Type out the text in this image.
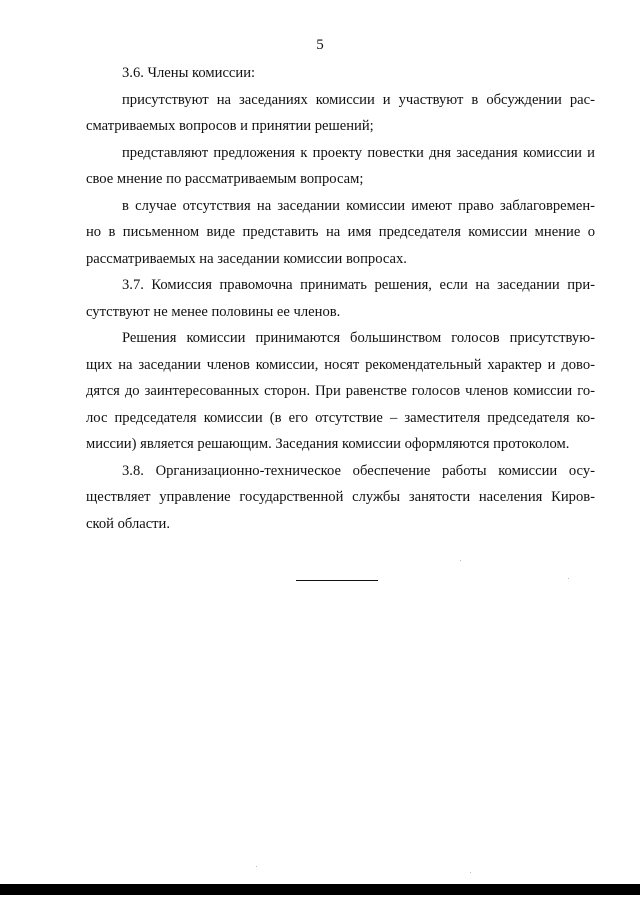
5
3.6. Члены комиссии:
присутствуют на заседаниях комиссии и участвуют в обсуждении рас-
сматриваемых вопросов и принятии решений;
представляют предложения к проекту повестки дня заседания комиссии и
свое мнение по рассматриваемым вопросам;
в случае отсутствия на заседании комиссии имеют право заблаговремен-
но в письменном виде представить на имя председателя комиссии мнение о
рассматриваемых на заседании комиссии вопросах.
3.7. Комиссия правомочна принимать решения, если на заседании при-
сутствуют не менее половины ее членов.
Решения комиссии принимаются большинством голосов присутствую-
щих на заседании членов комиссии, носят рекомендательный характер и дово-
дятся до заинтересованных сторон. При равенстве голосов членов комиссии го-
лос председателя комиссии (в его отсутствие – заместителя председателя ко-
миссии) является решающим. Заседания комиссии оформляются протоколом.
3.8. Организационно-техническое обеспечение работы комиссии осу-
ществляет управление государственной службы занятости населения Киров-
ской области.
